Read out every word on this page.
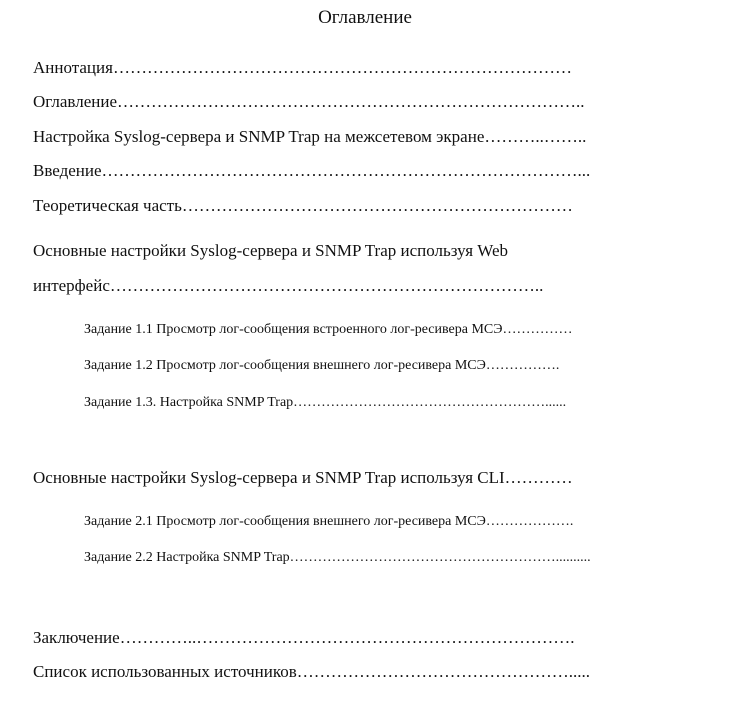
Оглавление
Аннотация………………………………………………………………………
Оглавление………………………………………………………………………..
Настройка Syslog-сервера и SNMP Trap на межсетевом экране………..……..
Введение…………………………………………………………………………...
Теоретическая часть……………………………………………………………
Основные настройки Syslog-сервера и SNMP Trap используя Web
интерфейс…………………………………………………………………..
Задание 1.1 Просмотр лог-сообщения встроенного лог-ресивера МСЭ……………
Задание 1.2 Просмотр лог-сообщения внешнего лог-ресивера МСЭ…………….
Задание 1.3. Настройка SNMP Trap………………………………………………......
Основные настройки Syslog-сервера и SNMP Trap используя CLI…………
Задание 2.1 Просмотр лог-сообщения внешнего лог-ресивера МСЭ……………….
Задание 2.2 Настройка SNMP Trap…………………………………………………..........
Заключение…………..………………………………………………………….
Список использованных источников………………………………………….....
